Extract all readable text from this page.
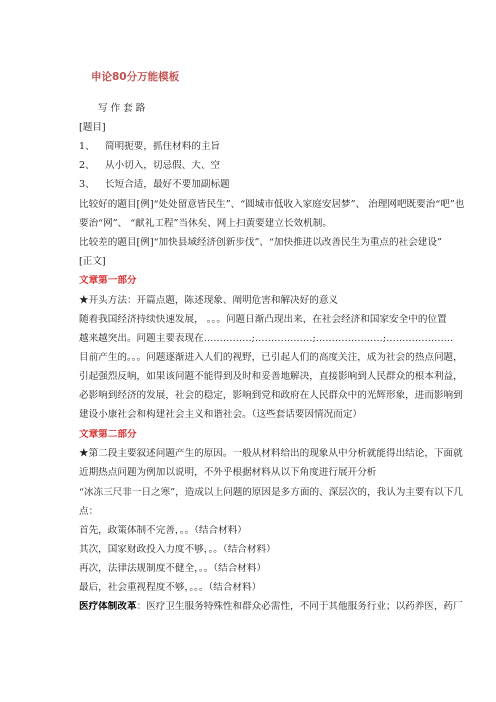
申论80分万能模板
写作套路
[题目]
1、 简明扼要，抓住材料的主旨
2、 从小切入，切忌假、大、空
3、 长短合适，最好不要加副标题
比较好的题目[例]“处处留意皆民生”、“圆城市低收入家庭安居梦”、 治理网吧既要治“吧”也
要治“网”、 “献礼工程”当休矣、网上扫黄要建立长效机制。
比较差的题目[例]“加快县域经济创新步伐”、“加快推进以改善民生为重点的社会建设”
[正文]
文章第一部分
★开头方法：开篇点题，陈述现象、阐明危害和解决好的意义
随着我国经济持续快速发展， 。。。问题日渐凸现出来，在社会经济和国家安全中的位置
越来越突出。问题主要表现在……………;………………;…………………;…………………
目前产生的。。。问题逐渐进入人们的视野，已引起人们的高度关注，成为社会的热点问题，
引起强烈反响，如果该问题不能得到及时和妥善地解决，直接影响到人民群众的根本利益，
必影响到经济的发展，社会的稳定，影响到党和政府在人民群众中的光辉形象，进而影响到
建设小康社会和构建社会主义和谐社会。（这些套话要因情况而定）
文章第二部分
★第二段主要叙述问题产生的原因。一般从材料给出的现象从中分析就能得出结论，下面就
近期热点问题为例加以说明，不外乎根据材料从以下角度进行展开分析
“冰冻三尺非一日之寒”，造成以上问题的原因是多方面的、深层次的，我认为主要有以下几
点：
首先，政策体制不完善，。。（结合材料）
其次，国家财政投入力度不够，。。（结合材料）
再次，法律法规制度不健全，。。（结合材料）
最后，社会重视程度不够，。。。（结合材料）
医疗体制改革：医疗卫生服务特殊性和群众必需性，不同于其他服务行业；以药养医，药厂
